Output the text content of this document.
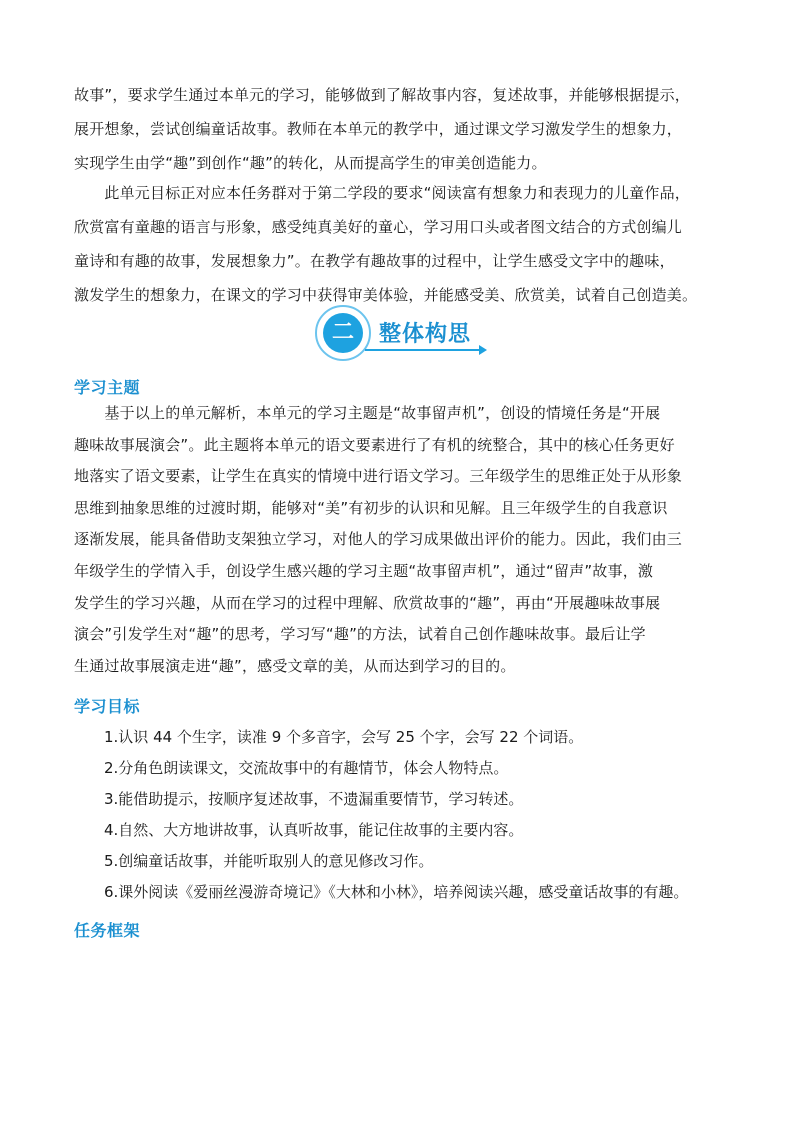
故事”，要求学生通过本单元的学习，能够做到了解故事内容，复述故事，并能够根据提示，
展开想象，尝试创编童话故事。教师在本单元的教学中，通过课文学习激发学生的想象力，
实现学生由学“趣”到创作“趣”的转化，从而提高学生的审美创造能力。
　　此单元目标正对应本任务群对于第二学段的要求“阅读富有想象力和表现力的儿童作品，
欣赏富有童趣的语言与形象，感受纯真美好的童心，学习用口头或者图文结合的方式创编儿
童诗和有趣的故事，发展想象力”。在教学有趣故事的过程中，让学生感受文字中的趣味，
激发学生的想象力，在课文的学习中获得审美体验，并能感受美、欣赏美，试着自己创造美。
二	整体构思
学习主题
　　基于以上的单元解析，本单元的学习主题是“故事留声机”，创设的情境任务是“开展
趣味故事展演会”。此主题将本单元的语文要素进行了有机的统整合，其中的核心任务更好
地落实了语文要素，让学生在真实的情境中进行语文学习。三年级学生的思维正处于从形象
思维到抽象思维的过渡时期，能够对“美”有初步的认识和见解。且三年级学生的自我意识
逐渐发展，能具备借助支架独立学习，对他人的学习成果做出评价的能力。因此，我们由三
年级学生的学情入手，创设学生感兴趣的学习主题“故事留声机”，通过“留声”故事，激
发学生的学习兴趣，从而在学习的过程中理解、欣赏故事的“趣”，再由“开展趣味故事展
演会”引发学生对“趣”的思考，学习写“趣”的方法，试着自己创作趣味故事。最后让学
生通过故事展演走进“趣”，感受文章的美，从而达到学习的目的。
学习目标
1.认识 44 个生字，读准 9 个多音字，会写 25 个字，会写 22 个词语。
2.分角色朗读课文，交流故事中的有趣情节，体会人物特点。
3.能借助提示，按顺序复述故事，不遗漏重要情节，学习转述。
4.自然、大方地讲故事，认真听故事，能记住故事的主要内容。
5.创编童话故事，并能听取别人的意见修改习作。
6.课外阅读《爱丽丝漫游奇境记》《大林和小林》，培养阅读兴趣，感受童话故事的有趣。
任务框架
